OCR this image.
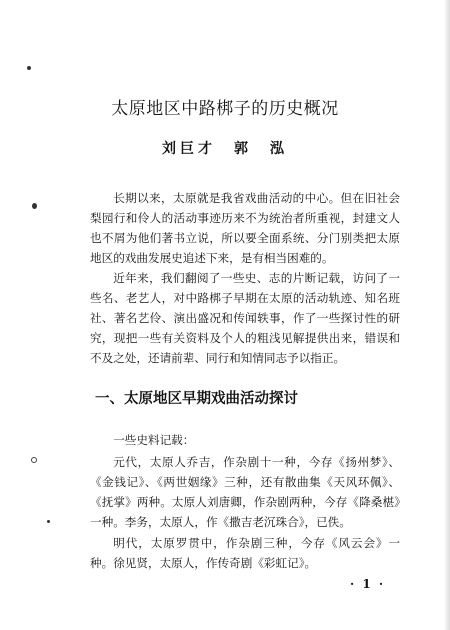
太原地区中路梆子的历史概况
刘巨才　郭　泓

长期以来，太原就是我省戏曲活动的中心。但在旧社会梨园行和伶人的活动事迹历来不为统治者所重视，封建文人也不屑为他们著书立说，所以要全面系统、分门别类把太原地区的戏曲发展史追述下来，是有相当困难的。

近年来，我们翻阅了一些史、志的片断记载，访问了一些名、老艺人，对中路梆子早期在太原的活动轨迹、知名班社、著名艺伶、演出盛况和传闻轶事，作了一些探讨性的研究，现把一些有关资料及个人的粗浅见解提供出来，错误和不及之处，还请前辈、同行和知情同志予以指正。

一、太原地区早期戏曲活动探讨

一些史料记载：

元代，太原人乔吉，作杂剧十一种，今存《扬州梦》、《金钱记》、《两世姻缘》三种，还有散曲集《天风环佩》、《抚掌》两种。太原人刘唐卿，作杂剧两种，今存《降桑椹》一种。李务，太原人，作《撒吉老沉珠合》，已佚。

明代，太原罗贯中，作杂剧三种，今存《风云会》一种。徐见贤，太原人，作传奇剧《彩虹记》。

· 1 ·
